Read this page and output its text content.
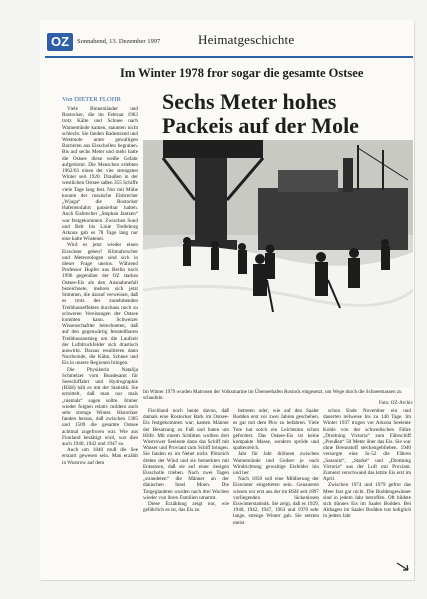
OZ	Sonnabend, 13. Dezember 1997	Heimatgeschichte
Im Winter 1978 fror sogar die gesamte Ostsee
Von DIETER FLOHR Sechs Meter hohes
Packeis auf der Mole

Viele Binnenländer und Rostocker, die im Februar 1963 trotz Kälte und Schnee nach Warnemünde kamen, staunten nicht schlecht. Sie fanden Badestrand und Westmole unter gewaltigen Barrieren aus Eisschollen begraben. Bis auf sechs Meter und mehr hatte die Ostsee diese weiße Gefahr aufgetürmt. Die Menschen erlebten 1962/63 einen der vier strengsten Winter seit 1920. Draußen in der westlichen Ostsee saßen 355 Schiffe viele Tage lang fest. Nur mit Mühe konnte der russische Eisbrecher „Wjuga“ die Rostocker Hafeneinfahrt passierbar halten. Auch Eisbrecher „Stephan Jantzen“ war festgekommen. Zwischen Sund und Belt bis Linie Trelleborg Arkona gab es 78 Tage lang nur eine kalte Wüstenei.

Wird es jetzt wieder einen Eiswinter geben? Klimaforscher und Meteorologen sind sich in dieser Frage uneins. Während Professor Hupfer aus Berlin noch 1996 gegenüber der OZ starkes Ostsee-Eis als den Ausnahmefall bezeichnete, mehren sich jetzt Stimmen, die darauf verweisen, daß es trotz des zunehmenden Treibhauseffektes durchaus noch zu schweren Vereisungen der Ostsee kommen kann. Schweizer Wissenschaftler berechneten, daß auf den gegenwärtig feststellbaren Treibhausanstieg um die Laufzeit der Luftdruckfelder sich drastisch auswirkt. Daraus resultieren dann Nordwinde, die Kälte, Schnee und Eis in unsere Regionen bringen.

Die Physikerin Natalija Schmelzer vom Bundesamt für Seeschiffahrt und Hydrographie (BSH) hält es mit der Statistik. Sie ermittelt, daß man nur mals „niemals“ sagen sollte. Immer wieder folgten relativ mildem auch sehr strenge Winter. Historiker fanden heraus, daß zwischen 1305 und 1509 die gesamte Ostsee achtmal zugefroren war. Wie aus Finnland bestätigt wird, war dies auch 1940, 1942 und 1947 so.

Auch um 1840 muß die See erstarrt gewesen sein. Man erzählt in Wustrow auf dem

Im Winter 1979 wurden Matrosen der Volksmarine im Überseehafen Rostock eingesetzt, um Wege durch die Schneemassen zu schaufeln.
Foto: OZ-Archiv

Fischland noch heute davon, daß damals eine Rostocker Bark im Ostsee-Eis festgekommen war; kamen Männer der Besatzung zu Fuß und baten um Hilfe. Mit einem Schlitten wollten drei Wustrower Seeleute dann das Schiff mit Wasser und Proviant zum Schiff bringen. Sie fanden es im Nebel nicht. Plötzlich drehte der Wind und sie bemerkten mit Entsetzen, daß sie auf einer riesigen Eisscholle trieben. Nach zwei Tagen „strandeten“ die Männer an der dänischen Insel Moen. Die Totgeglaubten wurden nach drei Wochen wieder von ihren Familien umarmt.

Diese Erzählung zeigt nur, wie gefährlich es ist, das Eis zu

betreten oder, wie auf den Saaler Bodden erst vor zwei Jahren geschehen, es gar mit dem Pkw zu befahren. Viele Tote hat solch ein Leichtsinn schon gefordert. Das Ostsee-Eis ist keine kompakte Masse, sondern spröde und spaltenreich.

Jahr für Jahr dröhnen zwischen Warnemünde und Gedser je nach Windrichtung gewaltige Eisfelder hin und her.

Nach 1850 soll eine Mildierung der Eiswinter eingetreten sein. Genaueren wissen wir erst aus der im BSH seit 1897 vorliegenden lückenlosen Eiswinterstatistik. Sie zeigt, daß es 1929, 1940, 1942, 1947, 1963 und 1970 sehr lange, strenge Winter gab. Sie setzten meist

schon Ende November ein und dauerten teilweise bis zu 140 Tage. Im Winter 1937 trugen vor Arkona Seeleute Kohle von der schwedischen Fähre „Drottning Victoria“ zum Fährschiff „Preußen“ 50 Meter über das Eis. Sie war ohne Brennstoff steckengeblieben. 1940 versorgte eine Ju-52 die Fähren „Sassnitz“, „Starke“ und „Drottning Victoria“ aus der Luft mit Proviant. Zumeist verschwand das letzte Eis erst im April.

Zwischen 1974 und 1979 gefror das Meer fast gar nicht. Die Boddengewässer sind in jedem Jahr betroffen. Oft bildete sich dünnes Eis im Saaler Bodden. Bei Althagen im Saaler Bodden trat lediglich in jedem Jahr
